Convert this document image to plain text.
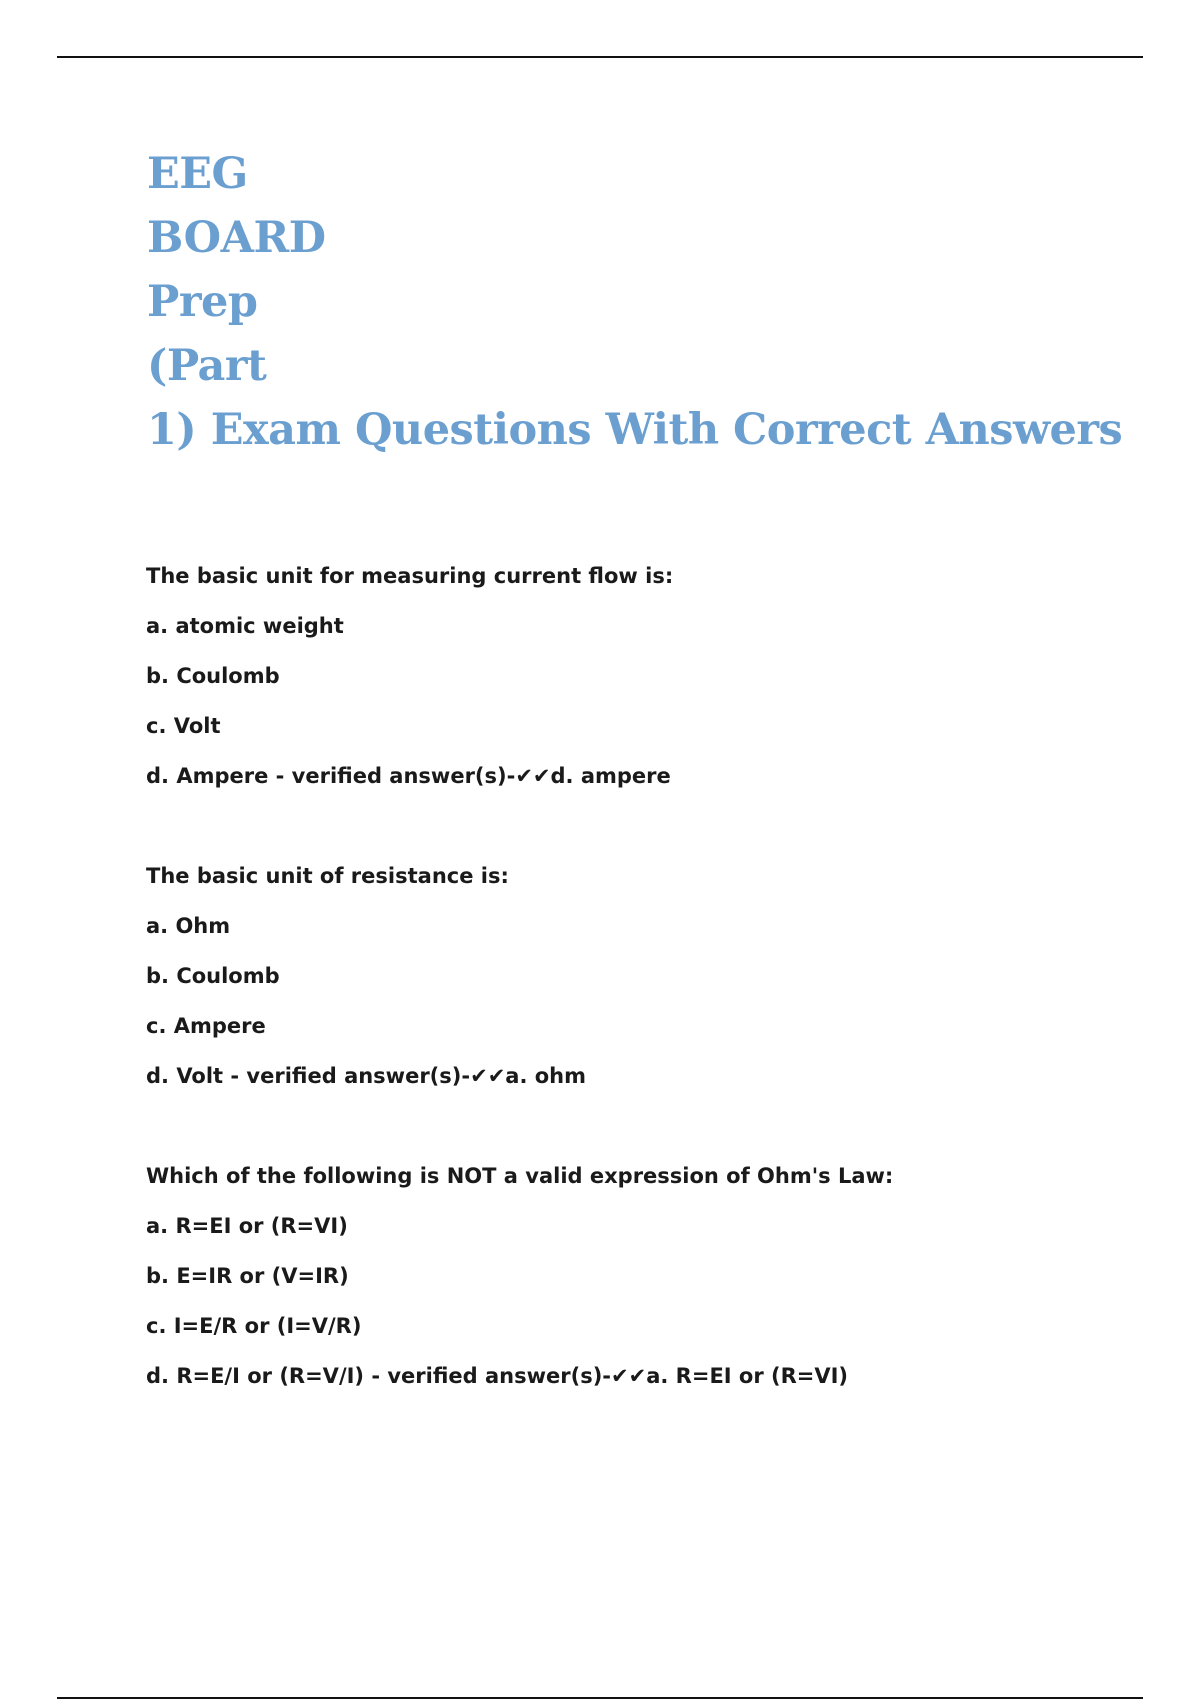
EEG
BOARD
Prep
(Part
1) Exam Questions With Correct Answers
The basic unit for measuring current flow is:
a. atomic weight
b. Coulomb
c. Volt
d. Ampere - verified answer(s)-✔✔d. ampere
The basic unit of resistance is:
a. Ohm
b. Coulomb
c. Ampere
d. Volt - verified answer(s)-✔✔a. ohm
Which of the following is NOT a valid expression of Ohm's Law:
a. R=EI or (R=VI)
b. E=IR or (V=IR)
c. I=E/R or (I=V/R)
d. R=E/I or (R=V/I) - verified answer(s)-✔✔a. R=EI or (R=VI)
